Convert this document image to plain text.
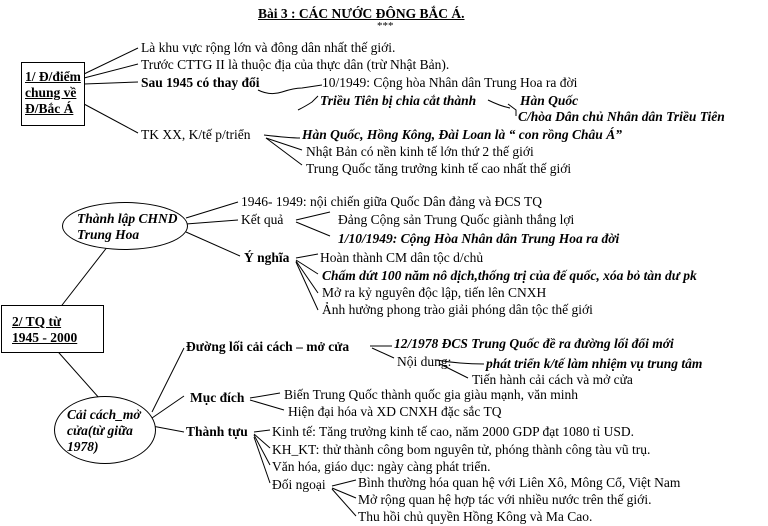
Bài 3 : CÁC NƯỚC ĐÔNG BẮC Á.
***
1/ Đ/điểm
chung về
Đ/Bắc Á
Là khu vực rộng lớn và đông dân nhất thế giới.
Trước CTTG II là thuộc địa của thực dân (trừ Nhật Bản).
Sau 1945 có thay đổi	10/1949: Cộng hòa Nhân dân Trung Hoa ra đời
Triều Tiên bị chia cắt thành	Hàn Quốc
C/hòa Dân chủ Nhân dân Triều Tiên
TK XX, K/tế p/triển	Hàn Quốc, Hồng Kông, Đài Loan là “ con rồng Châu Á”
Nhật Bản có nền kinh tế lớn thứ 2 thế giới
Trung Quốc tăng trưởng kinh tế cao nhất thế giới
2/ TQ từ
1945 - 2000
Thành lập CHND
Trung Hoa
1946- 1949: nội chiến giữa Quốc Dân đảng và ĐCS TQ
Kết quả	Đảng Cộng sản Trung Quốc giành thắng lợi
1/10/1949: Cộng Hòa Nhân dân Trung Hoa ra đời
Ý nghĩa Hoàn thành CM dân tộc d/chủ
Chấm dứt 100 năm nô dịch,thống trị của đế quốc, xóa bỏ tàn dư pk
Mở ra kỷ nguyên độc lập, tiến lên CNXH
Ảnh hưởng phong trào giải phóng dân tộc thế giới
Cải cách_mở
cửa(từ giữa
1978)
Đường lối cải cách – mở cửa	12/1978 ĐCS Trung Quốc đề ra đường lối đổi mới
Nội dung:	phát triển k/tế làm nhiệm vụ trung tâm
Tiến hành cải cách và mở cửa
Mục đích	Biến Trung Quốc thành quốc gia giàu mạnh, văn minh
Hiện đại hóa và XD CNXH đặc sắc TQ
Thành tựu Kinh tế: Tăng trưởng kinh tế cao, năm 2000 GDP đạt 1080 tỉ USD.
KH_KT: thử thành công bom nguyên tử, phóng thành công tàu vũ trụ.
Văn hóa, giáo dục: ngày càng phát triển.
Đối ngoại Bình thường hóa quan hệ với Liên Xô, Mông Cổ, Việt Nam
Mở rộng quan hệ hợp tác với nhiều nước trên thế giới.
Thu hồi chủ quyền Hồng Kông và Ma Cao.
